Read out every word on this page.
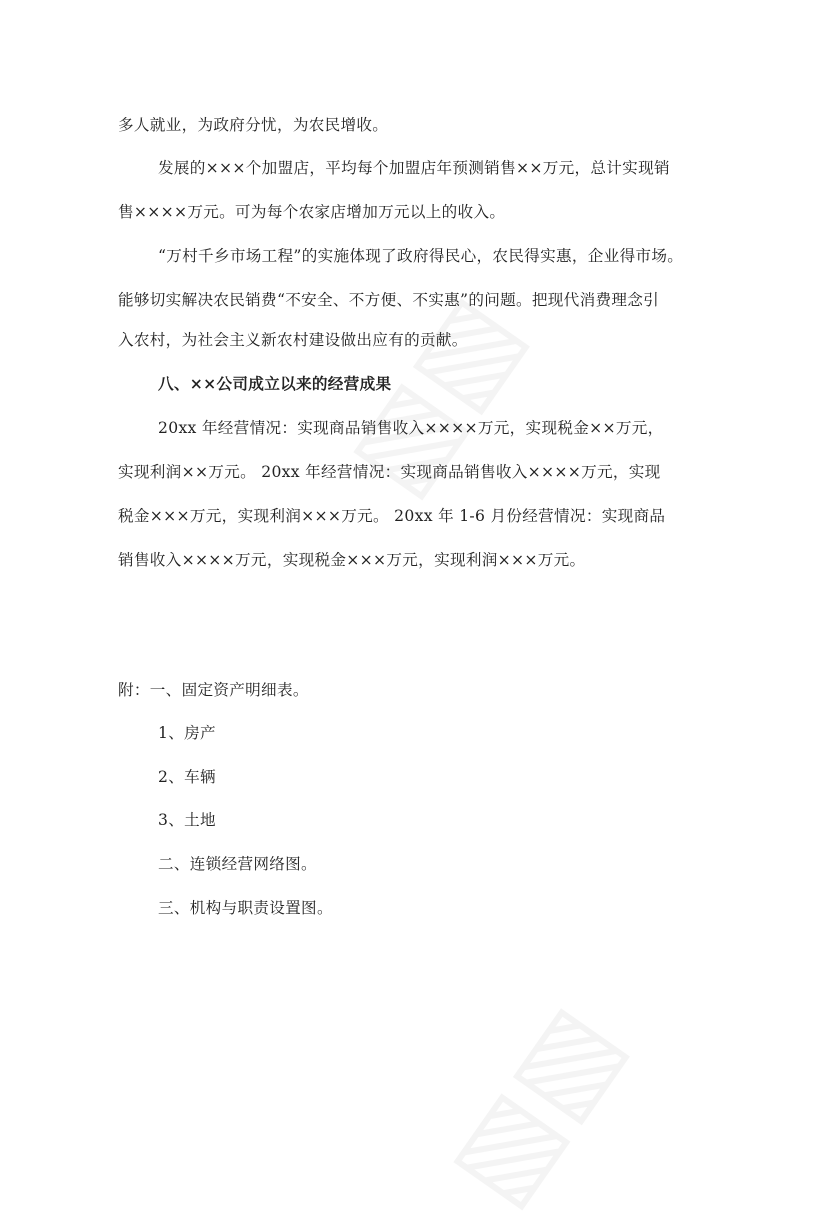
多人就业，为政府分忧，为农民增收。
发展的×××个加盟店，平均每个加盟店年预测销售××万元，总计实现销
售××××万元。可为每个农家店增加万元以上的收入。
“万村千乡市场工程”的实施体现了政府得民心，农民得实惠，企业得市场。
能够切实解决农民销费“不安全、不方便、不实惠”的问题。把现代消费理念引
入农村，为社会主义新农村建设做出应有的贡献。
八、××公司成立以来的经营成果
20xx 年经营情况：实现商品销售收入××××万元，实现税金××万元，
实现利润××万元。 20xx 年经营情况：实现商品销售收入××××万元，实现
税金×××万元，实现利润×××万元。 20xx 年 1-6 月份经营情况：实现商品
销售收入××××万元，实现税金×××万元，实现利润×××万元。
附：一、固定资产明细表。
1、房产
2、车辆
3、土地
二、连锁经营网络图。
三、机构与职责设置图。
